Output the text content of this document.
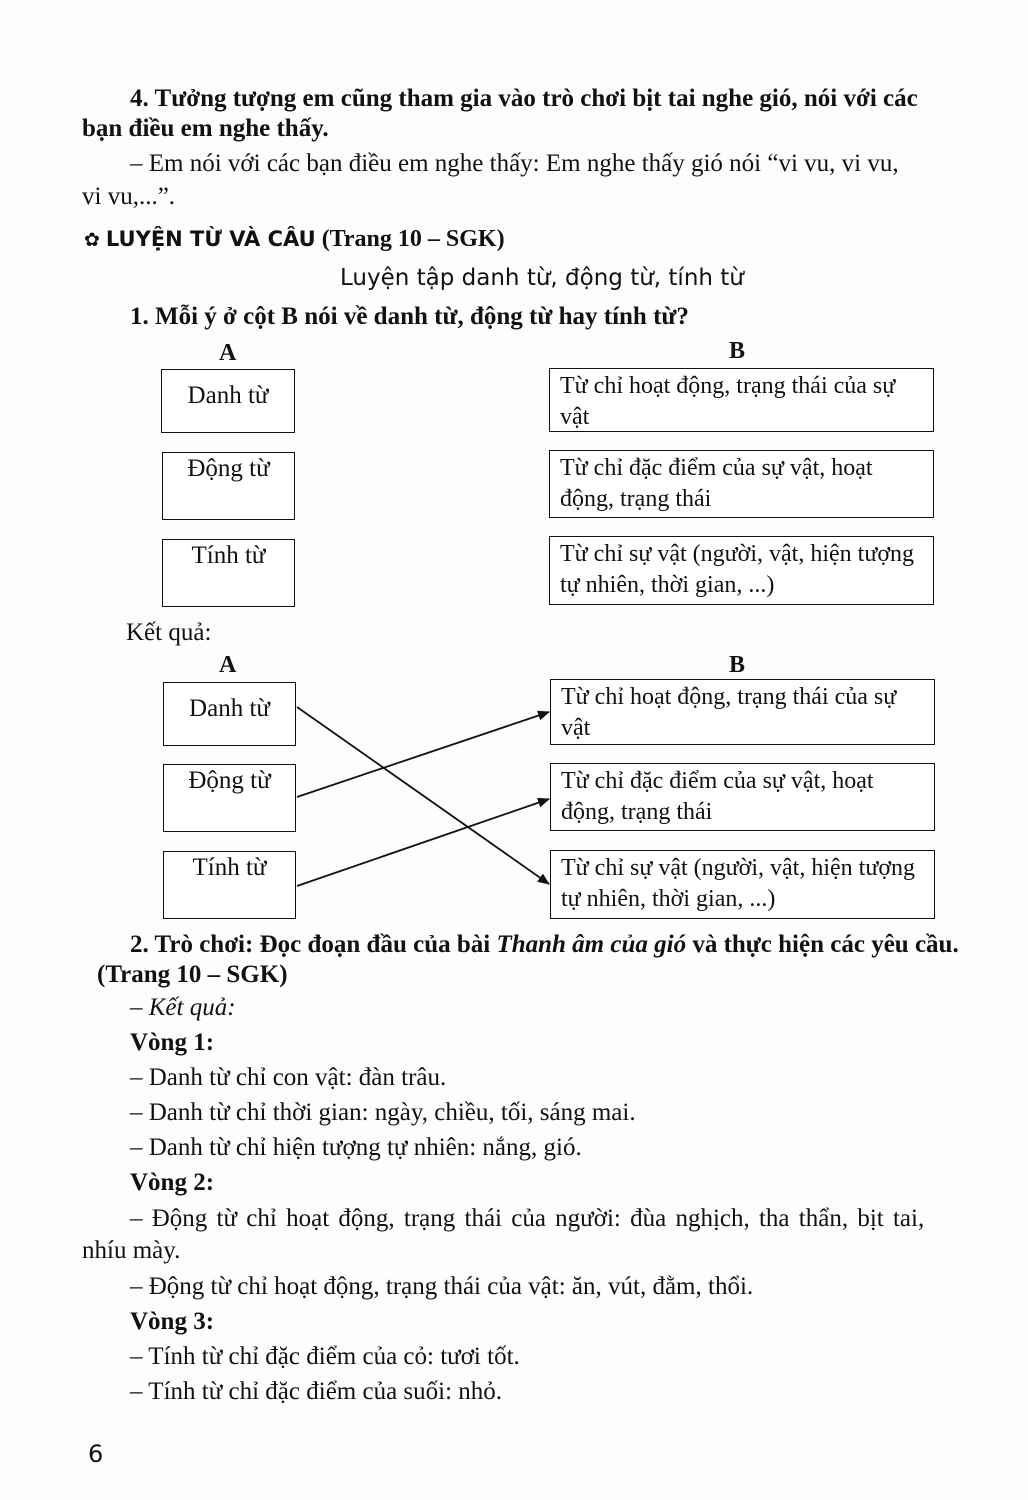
4. Tưởng tượng em cũng tham gia vào trò chơi bịt tai nghe gió, nói với các
bạn điều em nghe thấy.
– Em nói với các bạn điều em nghe thấy: Em nghe thấy gió nói “vi vu, vi vu,
vi vu,...”.
✿ LUYỆN TỪ VÀ CÂU (Trang 10 – SGK)
Luyện tập danh từ, động từ, tính từ
1. Mỗi ý ở cột B nói về danh từ, động từ hay tính từ?
A	B
Danh từ
Động từ
Tính từ
Từ chỉ hoạt động, trạng thái của sự vật
Từ chỉ đặc điểm của sự vật, hoạt động, trạng thái
Từ chỉ sự vật (người, vật, hiện tượng tự nhiên, thời gian, ...)
Kết quả:
A	B
Danh từ
Động từ
Tính từ
Từ chỉ hoạt động, trạng thái của sự vật
Từ chỉ đặc điểm của sự vật, hoạt động, trạng thái
Từ chỉ sự vật (người, vật, hiện tượng tự nhiên, thời gian, ...)
2. Trò chơi: Đọc đoạn đầu của bài Thanh âm của gió và thực hiện các yêu cầu.
(Trang 10 – SGK)
– Kết quả:
Vòng 1:
– Danh từ chỉ con vật: đàn trâu.
– Danh từ chỉ thời gian: ngày, chiều, tối, sáng mai.
– Danh từ chỉ hiện tượng tự nhiên: nắng, gió.
Vòng 2:
– Động từ chỉ hoạt động, trạng thái của người: đùa nghịch, tha thẩn, bịt tai,
nhíu mày.
– Động từ chỉ hoạt động, trạng thái của vật: ăn, vút, đằm, thổi.
Vòng 3:
– Tính từ chỉ đặc điểm của cỏ: tươi tốt.
– Tính từ chỉ đặc điểm của suối: nhỏ.
6
